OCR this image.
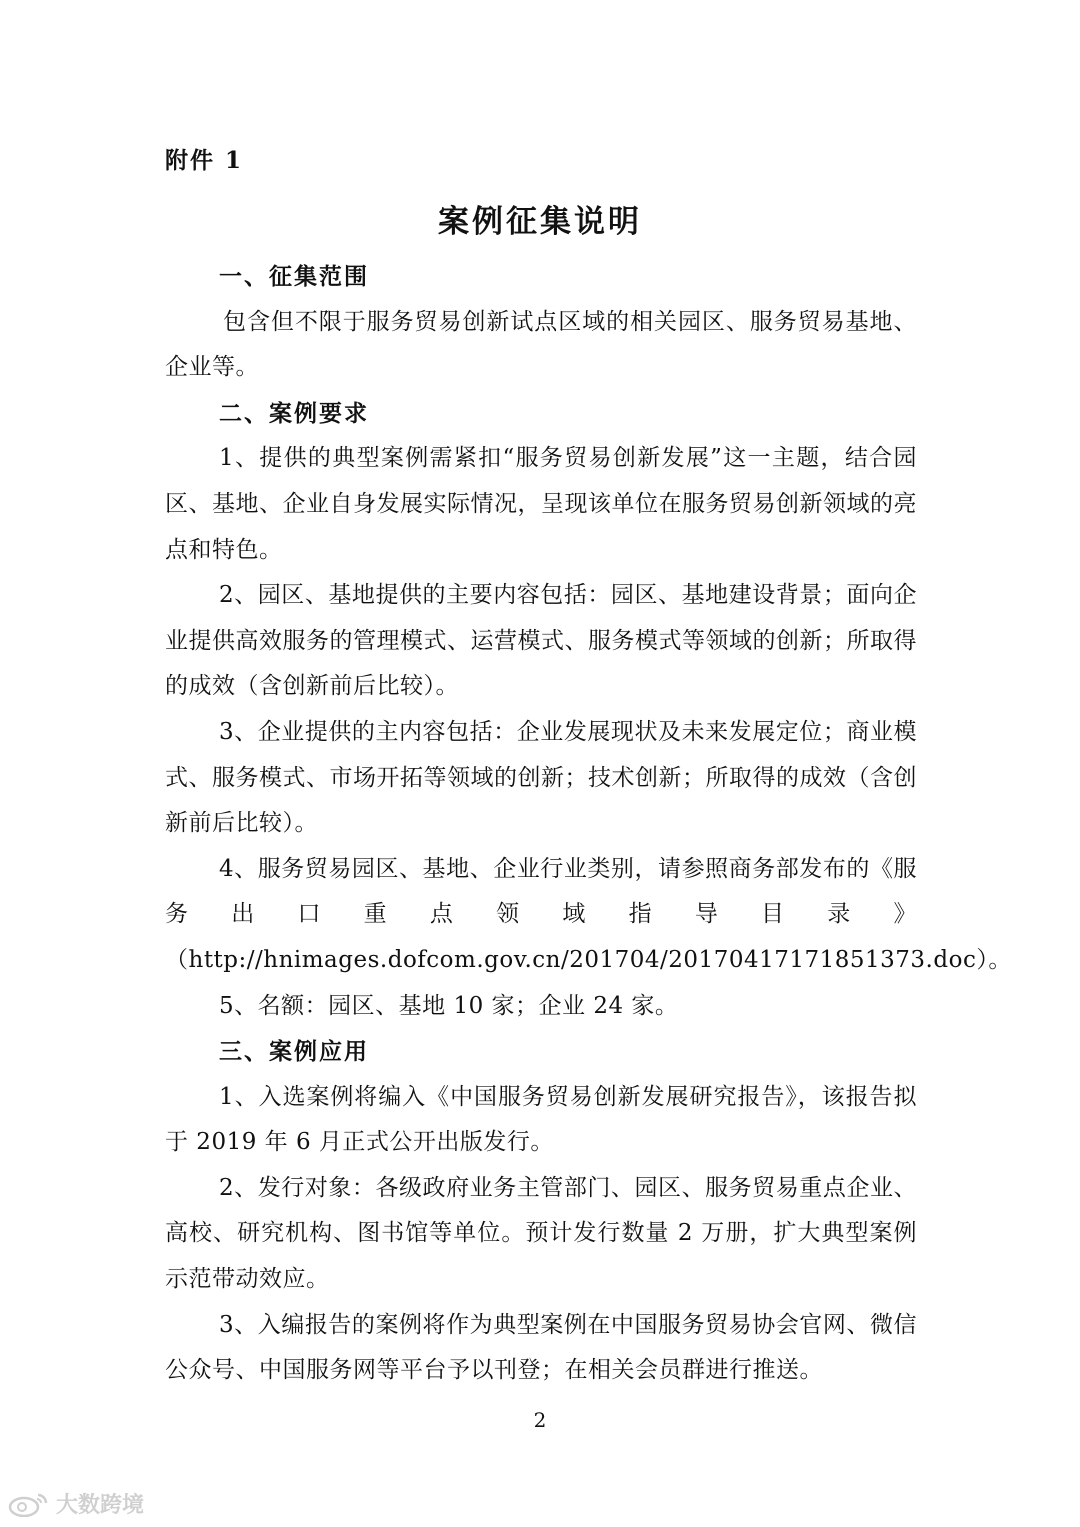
附件 1
案例征集说明
一、征集范围

包含但不限于服务贸易创新试点区域的相关园区、服务贸易基地、企业等。

二、案例要求

1、提供的典型案例需紧扣“服务贸易创新发展”这一主题，结合园区、基地、企业自身发展实际情况，呈现该单位在服务贸易创新领域的亮点和特色。

2、园区、基地提供的主要内容包括：园区、基地建设背景；面向企业提供高效服务的管理模式、运营模式、服务模式等领域的创新；所取得的成效（含创新前后比较）。

3、企业提供的主内容包括：企业发展现状及未来发展定位；商业模式、服务模式、市场开拓等领域的创新；技术创新；所取得的成效（含创新前后比较）。

4、服务贸易园区、基地、企业行业类别，请参照商务部发布的《服务出口重点领域指导目录》（http://hnimages.dofcom.gov.cn/201704/20170417171851373.doc）。

5、名额：园区、基地 10 家；企业 24 家。

三、案例应用

1、入选案例将编入《中国服务贸易创新发展研究报告》，该报告拟于 2019 年 6 月正式公开出版发行。

2、发行对象：各级政府业务主管部门、园区、服务贸易重点企业、高校、研究机构、图书馆等单位。预计发行数量 2 万册，扩大典型案例示范带动效应。

3、入编报告的案例将作为典型案例在中国服务贸易协会官网、微信公众号、中国服务网等平台予以刊登；在相关会员群进行推送。

2
大数跨境
